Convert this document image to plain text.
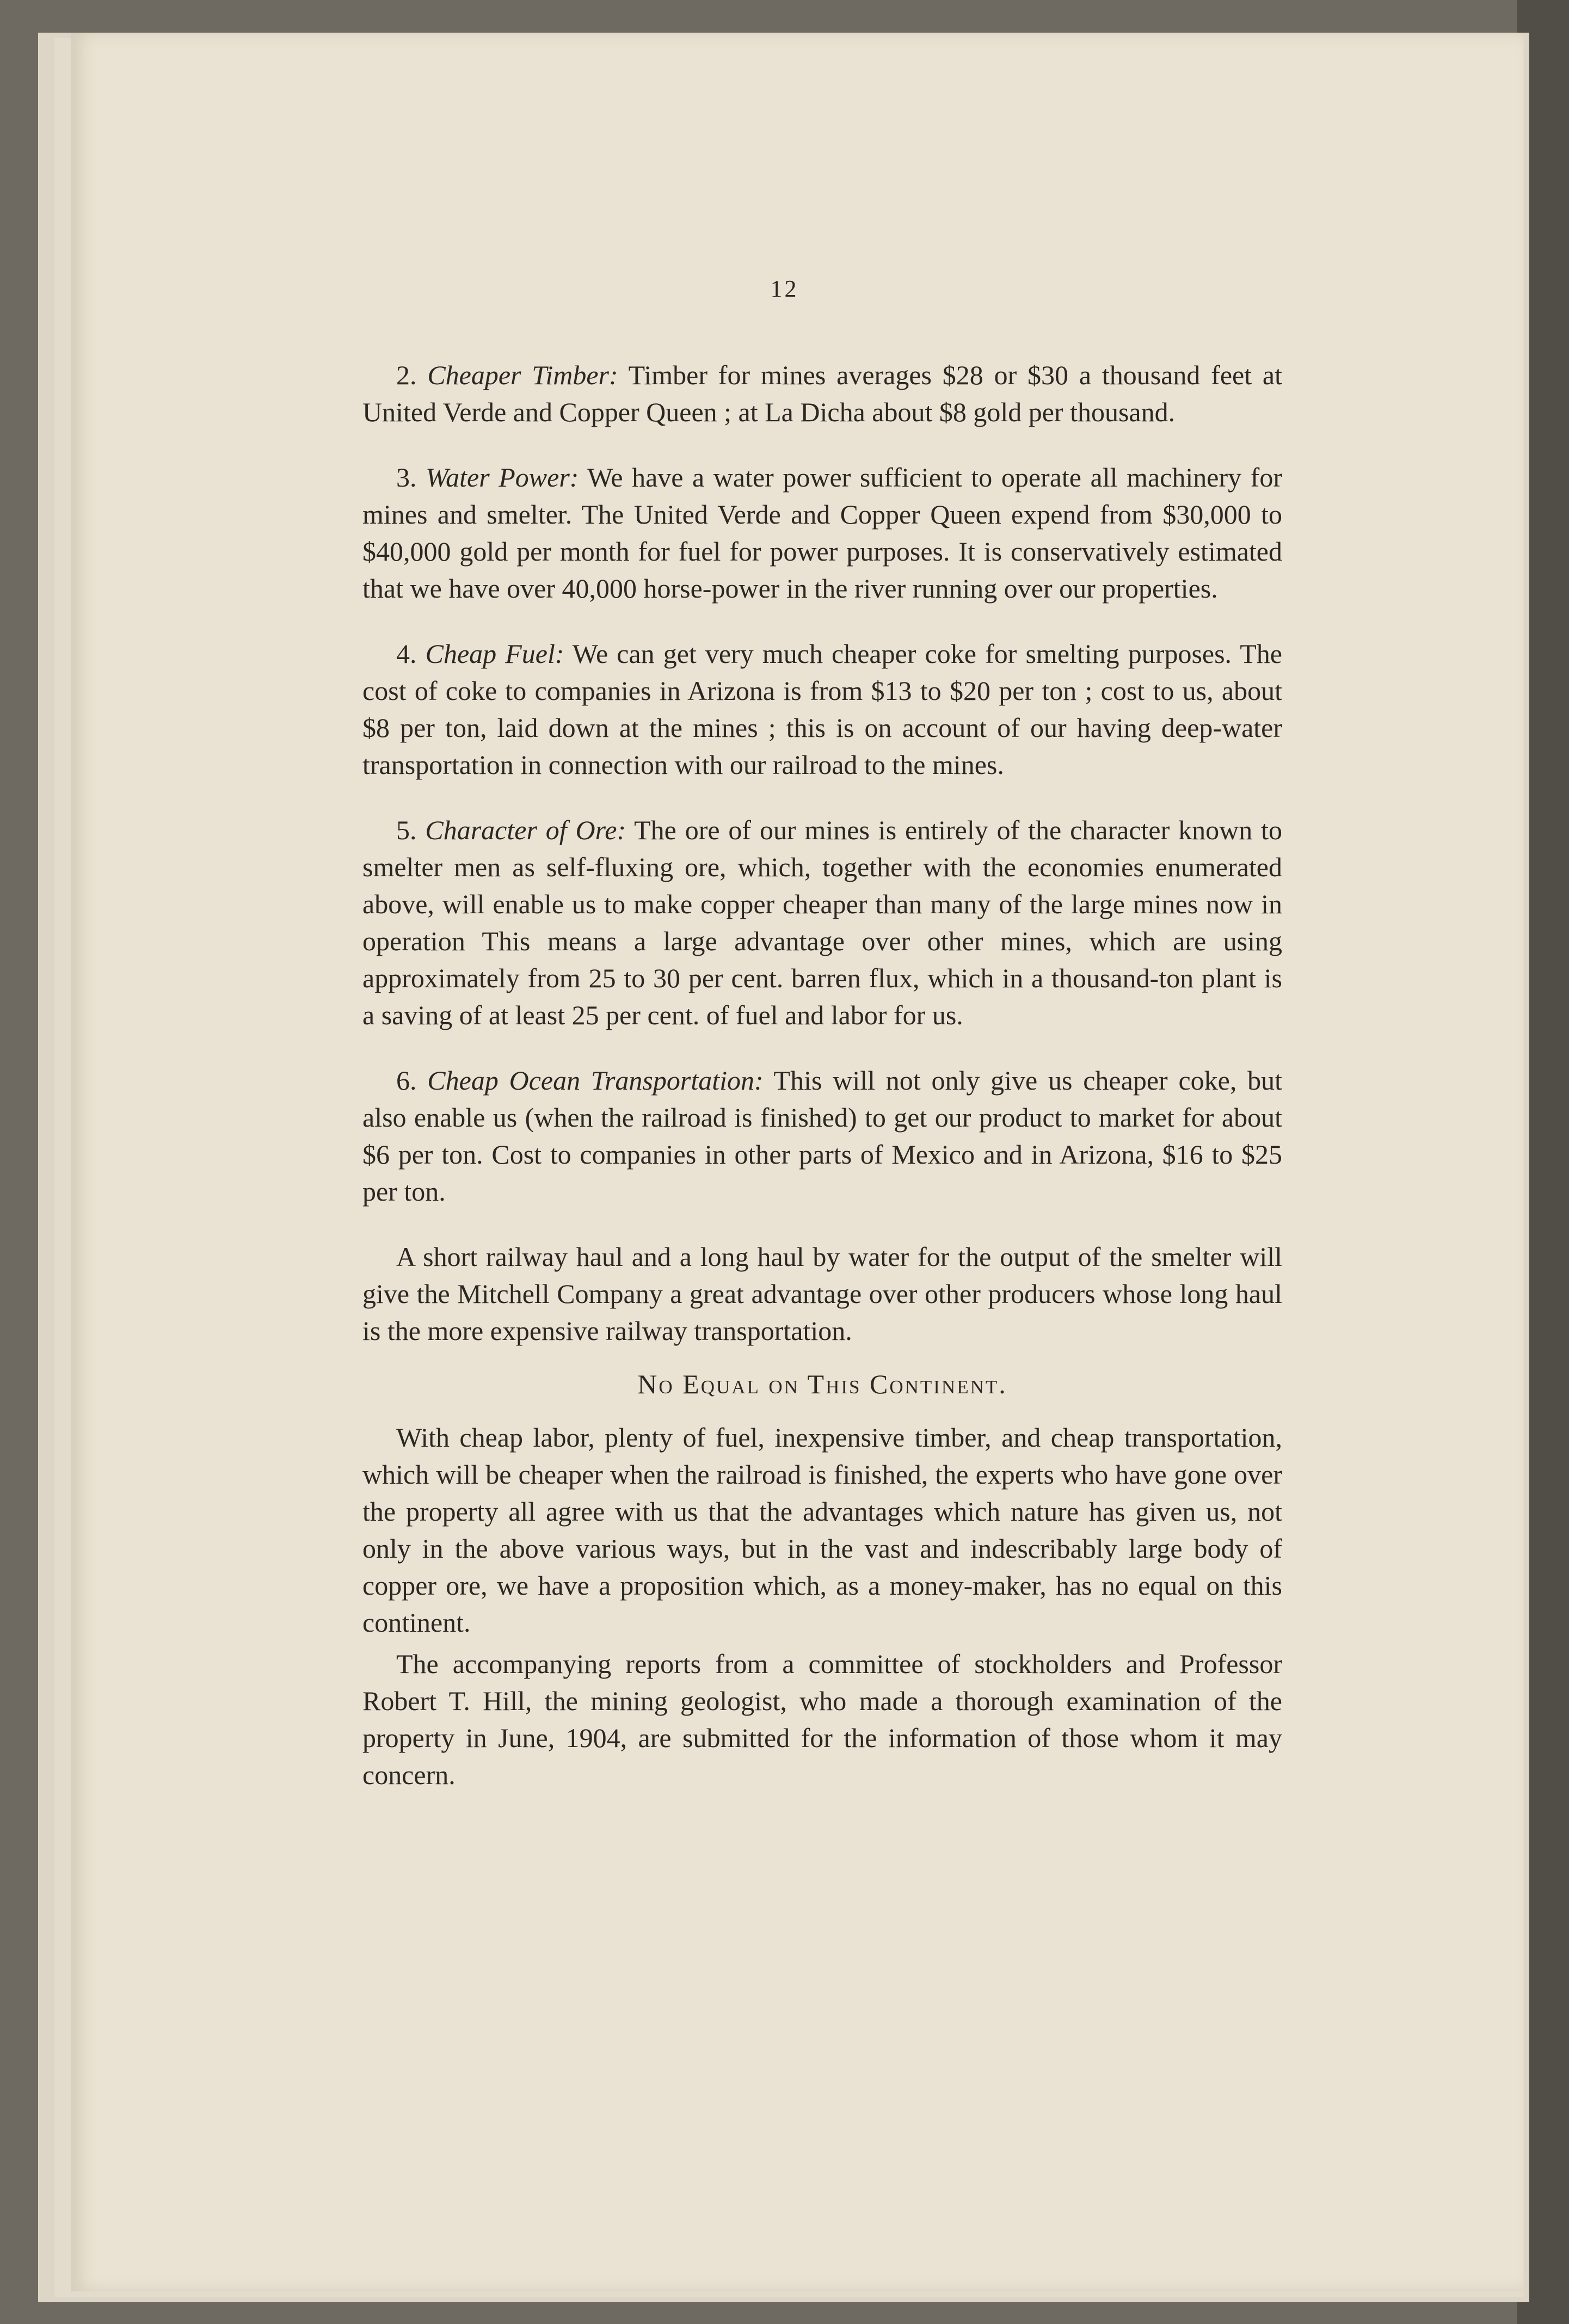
12

2. Cheaper Timber: Timber for mines averages $28 or $30 a thousand feet at United Verde and Copper Queen ; at La Dicha about $8 gold per thousand.

3. Water Power: We have a water power sufficient to operate all machinery for mines and smelter. The United Verde and Copper Queen expend from $30,000 to $40,000 gold per month for fuel for power purposes. It is conservatively estimated that we have over 40,000 horse-power in the river running over our properties.

4. Cheap Fuel: We can get very much cheaper coke for smelting purposes. The cost of coke to companies in Arizona is from $13 to $20 per ton ; cost to us, about $8 per ton, laid down at the mines ; this is on account of our having deep-water transportation in connection with our railroad to the mines.

5. Character of Ore: The ore of our mines is entirely of the character known to smelter men as self-fluxing ore, which, together with the economies enumerated above, will enable us to make copper cheaper than many of the large mines now in operation This means a large advantage over other mines, which are using approximately from 25 to 30 per cent. barren flux, which in a thousand-ton plant is a saving of at least 25 per cent. of fuel and labor for us.

6. Cheap Ocean Transportation: This will not only give us cheaper coke, but also enable us (when the railroad is finished) to get our product to market for about $6 per ton. Cost to companies in other parts of Mexico and in Arizona, $16 to $25 per ton.

A short railway haul and a long haul by water for the output of the smelter will give the Mitchell Company a great advantage over other producers whose long haul is the more expensive railway transportation.

No Equal on This Continent.

With cheap labor, plenty of fuel, inexpensive timber, and cheap transportation, which will be cheaper when the railroad is finished, the experts who have gone over the property all agree with us that the advantages which nature has given us, not only in the above various ways, but in the vast and indescribably large body of copper ore, we have a proposition which, as a money-maker, has no equal on this continent.

The accompanying reports from a committee of stockholders and Professor Robert T. Hill, the mining geologist, who made a thorough examination of the property in June, 1904, are submitted for the information of those whom it may concern.
